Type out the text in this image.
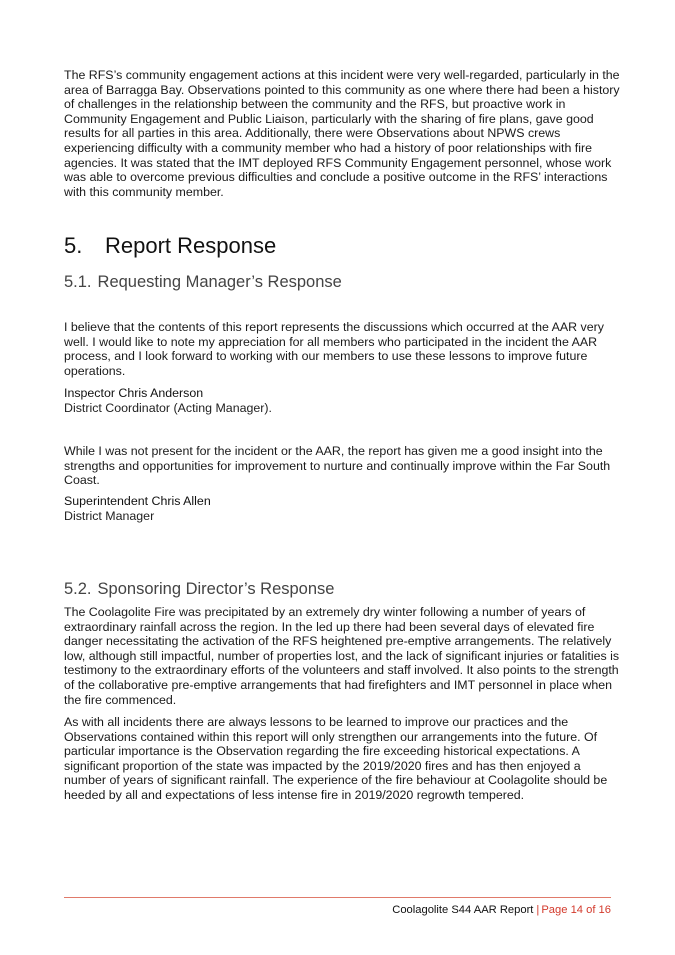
The RFS’s community engagement actions at this incident were very well-regarded, particularly in the area of Barragga Bay. Observations pointed to this community as one where there had been a history of challenges in the relationship between the community and the RFS, but proactive work in Community Engagement and Public Liaison, particularly with the sharing of fire plans, gave good results for all parties in this area. Additionally, there were Observations about NPWS crews experiencing difficulty with a community member who had a history of poor relationships with fire agencies. It was stated that the IMT deployed RFS Community Engagement personnel, whose work was able to overcome previous difficulties and conclude a positive outcome in the RFS’ interactions with this community member.

5. Report Response
5.1. Requesting Manager’s Response

I believe that the contents of this report represents the discussions which occurred at the AAR very well. I would like to note my appreciation for all members who participated in the incident the AAR process, and I look forward to working with our members to use these lessons to improve future operations.

Inspector Chris Anderson

District Coordinator (Acting Manager).

While I was not present for the incident or the AAR, the report has given me a good insight into the strengths and opportunities for improvement to nurture and continually improve within the Far South Coast.

Superintendent Chris Allen

District Manager

5.2. Sponsoring Director’s Response

The Coolagolite Fire was precipitated by an extremely dry winter following a number of years of extraordinary rainfall across the region. In the led up there had been several days of elevated fire danger necessitating the activation of the RFS heightened pre-emptive arrangements. The relatively low, although still impactful, number of properties lost, and the lack of significant injuries or fatalities is testimony to the extraordinary efforts of the volunteers and staff involved. It also points to the strength of the collaborative pre-emptive arrangements that had firefighters and IMT personnel in place when the fire commenced.

As with all incidents there are always lessons to be learned to improve our practices and the Observations contained within this report will only strengthen our arrangements into the future. Of particular importance is the Observation regarding the fire exceeding historical expectations. A significant proportion of the state was impacted by the 2019/2020 fires and has then enjoyed a number of years of significant rainfall. The experience of the fire behaviour at Coolagolite should be heeded by all and expectations of less intense fire in 2019/2020 regrowth tempered.

Coolagolite S44 AAR Report | Page 14 of 16
